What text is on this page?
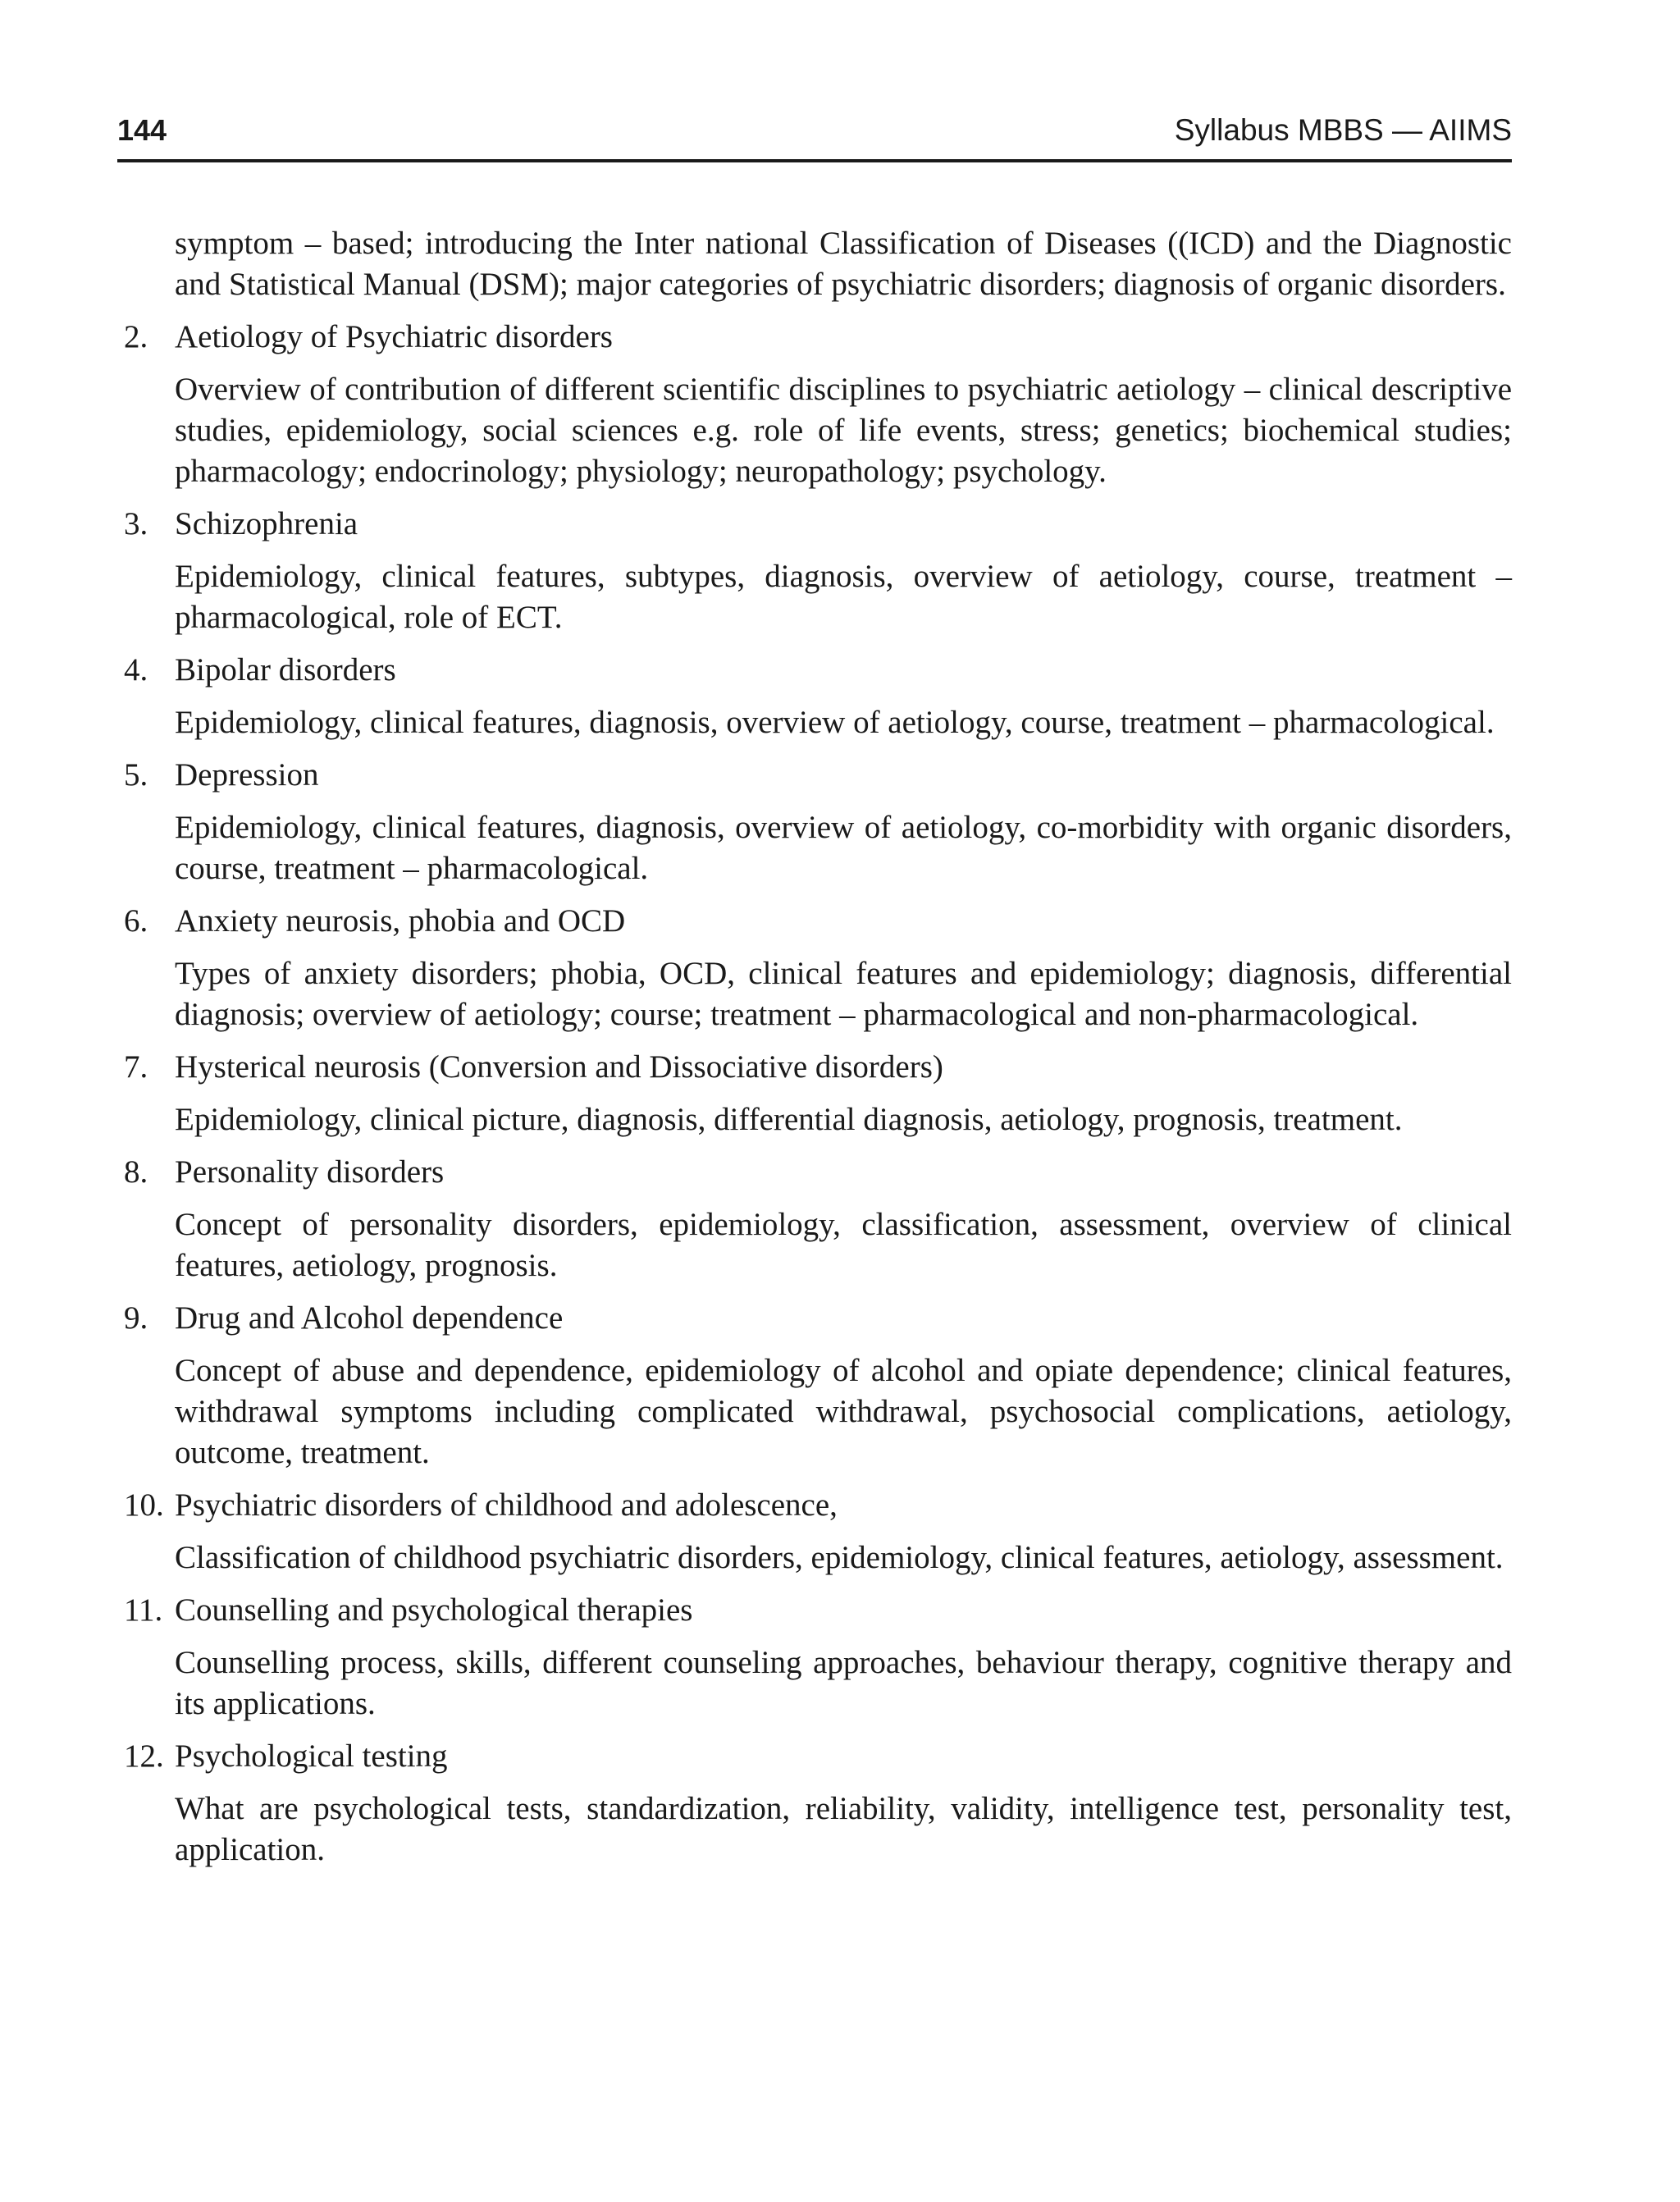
144	Syllabus MBBS — AIIMS

symptom – based; introducing the Inter national Classification of Diseases ((ICD) and the Diagnostic and Statistical Manual (DSM); major categories of psychiatric disorders; diagnosis of organic disorders.

2. Aetiology of Psychiatric disorders

Overview of contribution of different scientific disciplines to psychiatric aetiology – clinical descriptive studies, epidemiology, social sciences e.g. role of life events, stress; genetics; biochemical studies; pharmacology; endocrinology; physiology; neuropathology; psychology.

3. Schizophrenia

Epidemiology, clinical features, subtypes, diagnosis, overview of aetiology, course, treatment – pharmacological, role of ECT.

4. Bipolar disorders

Epidemiology, clinical features, diagnosis, overview of aetiology, course, treatment – pharmacological.

5. Depression

Epidemiology, clinical features, diagnosis, overview of aetiology, co-morbidity with organic disorders, course, treatment – pharmacological.

6. Anxiety neurosis, phobia and OCD

Types of anxiety disorders; phobia, OCD, clinical features and epidemiology; diagnosis, differential diagnosis; overview of aetiology; course; treatment – pharmacological and non-pharmacological.

7. Hysterical neurosis (Conversion and Dissociative disorders)

Epidemiology, clinical picture, diagnosis, differential diagnosis, aetiology, prognosis, treatment.

8. Personality disorders

Concept of personality disorders, epidemiology, classification, assessment, overview of clinical features, aetiology, prognosis.

9. Drug and Alcohol dependence

Concept of abuse and dependence, epidemiology of alcohol and opiate dependence; clinical features, withdrawal symptoms including complicated withdrawal, psychosocial complications, aetiology, outcome, treatment.

10. Psychiatric disorders of childhood and adolescence,

Classification of childhood psychiatric disorders, epidemiology, clinical features, aetiology, assessment.

11. Counselling and psychological therapies

Counselling process, skills, different counseling approaches, behaviour therapy, cognitive therapy and its applications.

12. Psychological testing

What are psychological tests, standardization, reliability, validity, intelligence test, personality test, application.
